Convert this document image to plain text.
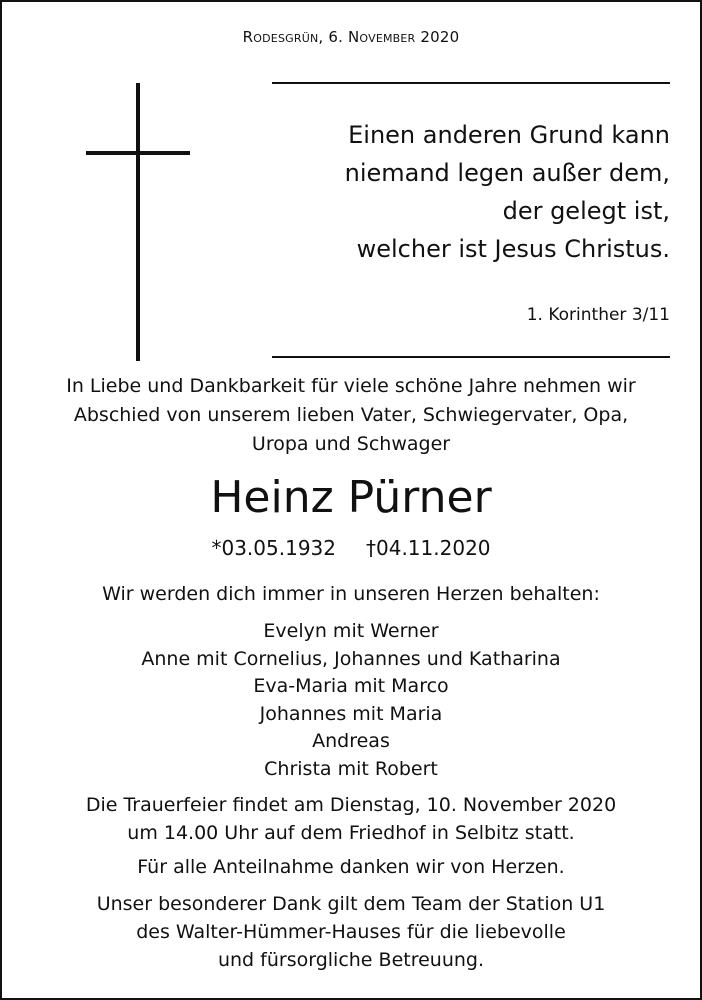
Rodesgrün, 6. November 2020
Einen anderen Grund kann
niemand legen außer dem,
der gelegt ist,
welcher ist Jesus Christus.
1. Korinther 3/11
In Liebe und Dankbarkeit für viele schöne Jahre nehmen wir
Abschied von unserem lieben Vater, Schwiegervater, Opa,
Uropa und Schwager
Heinz Pürner
*03.05.1932 †04.11.2020
Wir werden dich immer in unseren Herzen behalten:
Evelyn mit Werner
Anne mit Cornelius, Johannes und Katharina
Eva-Maria mit Marco
Johannes mit Maria
Andreas
Christa mit Robert
Die Trauerfeier findet am Dienstag, 10. November 2020
um 14.00 Uhr auf dem Friedhof in Selbitz statt.
Für alle Anteilnahme danken wir von Herzen.
Unser besonderer Dank gilt dem Team der Station U1
des Walter-Hümmer-Hauses für die liebevolle
und fürsorgliche Betreuung.
